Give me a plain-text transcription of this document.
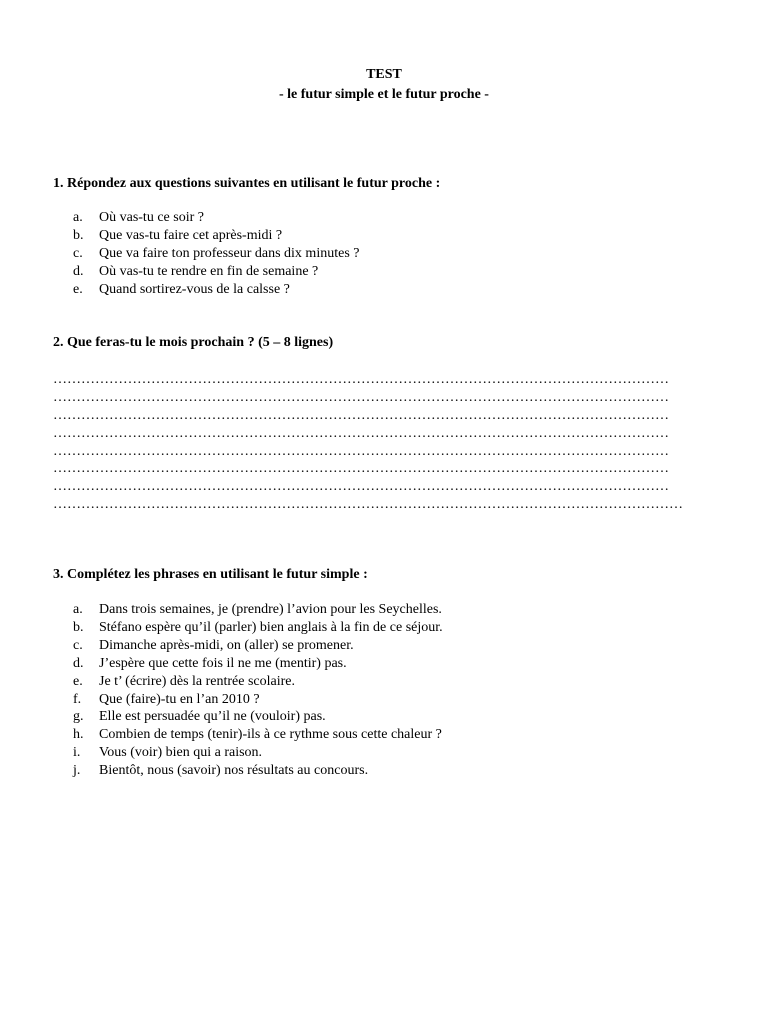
TEST
- le futur simple et le futur proche -
1. Répondez aux questions suivantes en utilisant le futur proche :
a.	Où vas-tu ce soir ?
b.	Que vas-tu faire cet après-midi ?
c.	Que va faire ton professeur dans dix minutes ?
d.	Où vas-tu te rendre en fin de semaine ?
e.	Quand sortirez-vous de la calsse ?
2. Que feras-tu le mois prochain ? (5 – 8 lignes)
……………………………………………………………………………………………………………………
……………………………………………………………………………………………………………………
……………………………………………………………………………………………………………………
……………………………………………………………………………………………………………………
……………………………………………………………………………………………………………………
……………………………………………………………………………………………………………………
……………………………………………………………………………………………………………………
………………………………………………………………………………………………………………………
3. Complétez les phrases en utilisant le futur simple :
a.	Dans trois semaines, je (prendre) l’avion pour les Seychelles.
b.	Stéfano espère qu’il (parler) bien anglais à la fin de ce séjour.
c.	Dimanche après-midi, on (aller) se promener.
d.	J’espère que cette fois il ne me (mentir) pas.
e.	Je t’ (écrire) dès la rentrée scolaire.
f.	Que (faire)-tu en l’an 2010 ?
g.	Elle est persuadée qu’il ne (vouloir) pas.
h.	Combien de temps (tenir)-ils à ce rythme sous cette chaleur ?
i.	Vous (voir) bien qui a raison.
j.	Bientôt, nous (savoir) nos résultats au concours.
